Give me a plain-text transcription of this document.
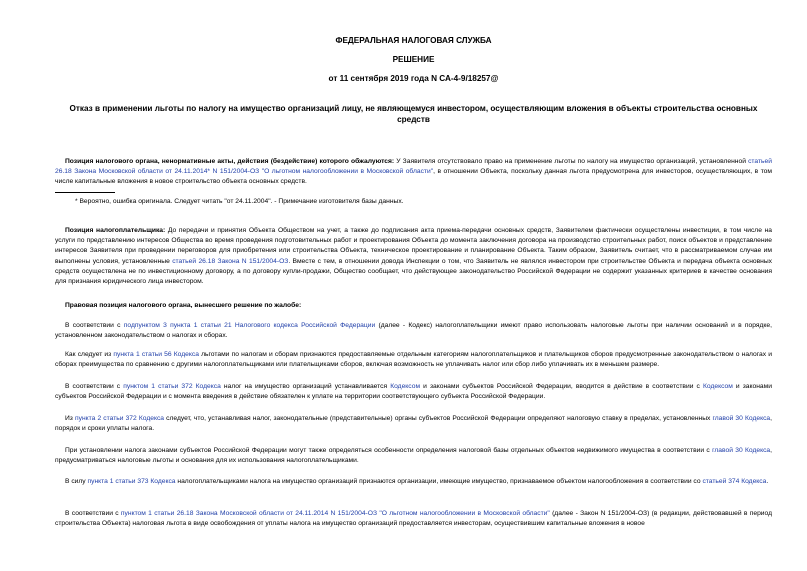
ФЕДЕРАЛЬНАЯ НАЛОГОВАЯ СЛУЖБА
РЕШЕНИЕ
от 11 сентября 2019 года N СА-4-9/18257@
Отказ в применении льготы по налогу на имущество организаций лицу, не являющемуся инвестором, осуществляющим вложения в объекты строительства основных средств
Позиция налогового органа, ненормативные акты, действия (бездействие) которого обжалуются: У Заявителя отсутствовало право на применение льготы по налогу на имущество организаций, установленной статьей 26.18 Закона Московской области от 24.11.2014* N 151/2004-ОЗ "О льготном налогообложении в Московской области", в отношении Объекта, поскольку данная льгота предусмотрена для инвесторов, осуществляющих, в том числе капитальные вложения в новое строительство объекта основных средств.
* Вероятно, ошибка оригинала. Следует читать "от 24.11.2004". - Примечание изготовителя базы данных.
Позиция налогоплательщика: До передачи и принятия Объекта Обществом на учет, а также до подписания акта приема-передачи основных средств, Заявителем фактически осуществлены инвестиции, в том числе на услуги по представлению интересов Общества во время проведения подготовительных работ и проектирования Объекта до момента заключения договора на производство строительных работ, поиск объектов и представление интересов Заявителя при проведении переговоров для приобретения или строительства Объекта, техническое проектирование и планирование Объекта. Таким образом, Заявитель считает, что в рассматриваемом случае им выполнены условия, установленные статьей 26.18 Закона N 151/2004-ОЗ. Вместе с тем, в отношении довода Инспекции о том, что Заявитель не являлся инвестором при строительстве Объекта и передача объекта основных средств осуществлена не по инвестиционному договору, а по договору купли-продажи, Общество сообщает, что действующее законодательство Российской Федерации не содержит указанных критериев в качестве основания для признания юридического лица инвестором.
Правовая позиция налогового органа, вынесшего решение по жалобе:
В соответствии с подпунктом 3 пункта 1 статьи 21 Налогового кодекса Российской Федерации (далее - Кодекс) налогоплательщики имеют право использовать налоговые льготы при наличии оснований и в порядке, установленном законодательством о налогах и сборах.
Как следует из пункта 1 статьи 56 Кодекса льготами по налогам и сборам признаются предоставляемые отдельным категориям налогоплательщиков и плательщиков сборов предусмотренные законодательством о налогах и сборах преимущества по сравнению с другими налогоплательщиками или плательщиками сборов, включая возможность не уплачивать налог или сбор либо уплачивать их в меньшем размере.
В соответствии с пунктом 1 статьи 372 Кодекса налог на имущество организаций устанавливается Кодексом и законами субъектов Российской Федерации, вводится в действие в соответствии с Кодексом и законами субъектов Российской Федерации и с момента введения в действие обязателен к уплате на территории соответствующего субъекта Российской Федерации.
Из пункта 2 статьи 372 Кодекса следует, что, устанавливая налог, законодательные (представительные) органы субъектов Российской Федерации определяют налоговую ставку в пределах, установленных главой 30 Кодекса, порядок и сроки уплаты налога.
При установлении налога законами субъектов Российской Федерации могут также определяться особенности определения налоговой базы отдельных объектов недвижимого имущества в соответствии с главой 30 Кодекса, предусматриваться налоговые льготы и основания для их использования налогоплательщиками.
В силу пункта 1 статьи 373 Кодекса налогоплательщиками налога на имущество организаций признаются организации, имеющие имущество, признаваемое объектом налогообложения в соответствии со статьей 374 Кодекса.
В соответствии с пунктом 1 статьи 26.18 Закона Московской области от 24.11.2014 N 151/2004-ОЗ "О льготном налогообложении в Московской области" (далее - Закон N 151/2004-ОЗ) (в редакции, действовавшей в период строительства Объекта) налоговая льгота в виде освобождения от уплаты налога на имущество организаций предоставляется инвесторам, осуществившим капитальные вложения в новое
